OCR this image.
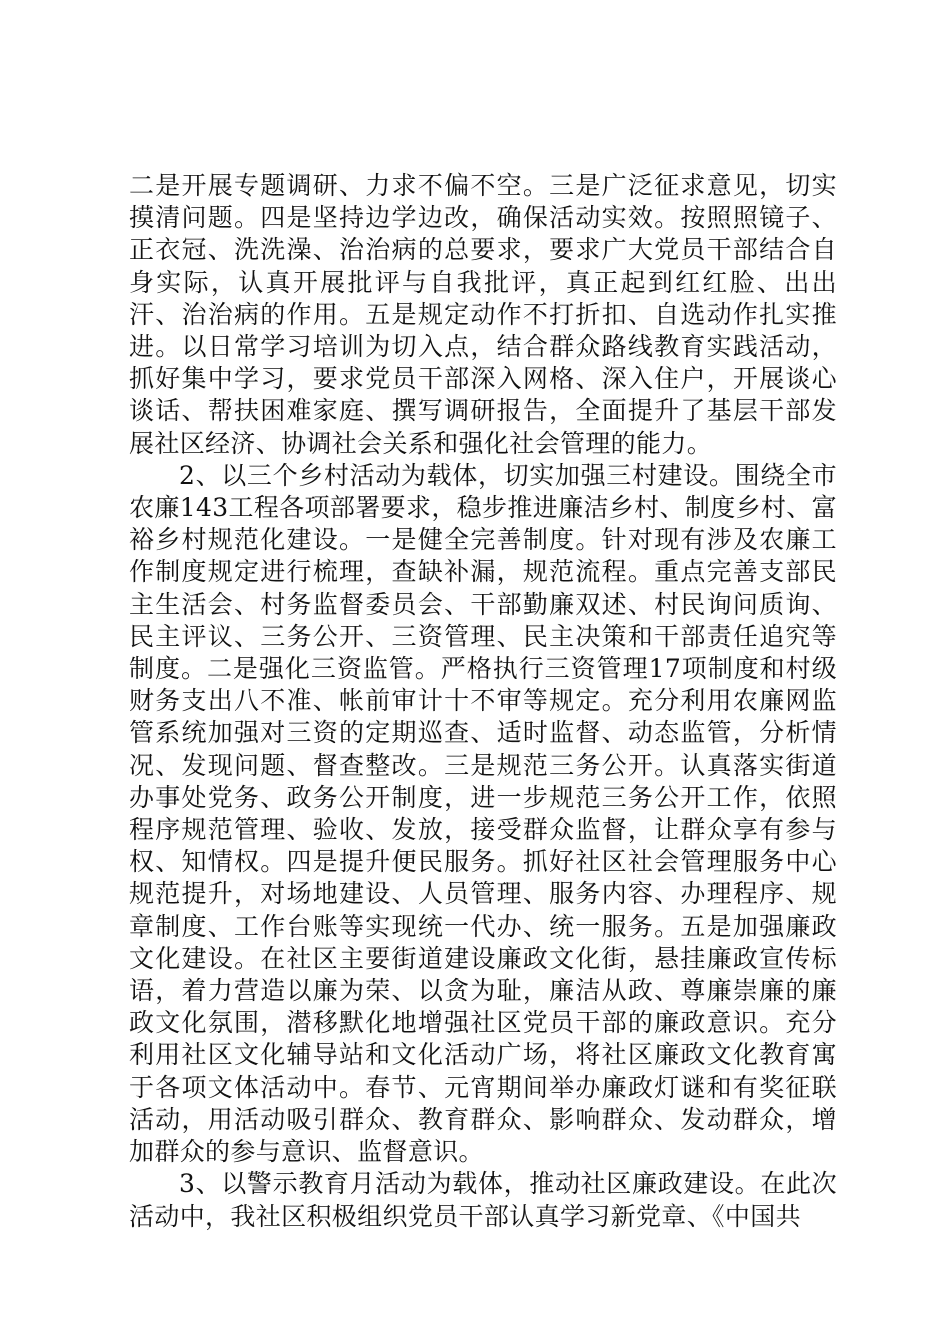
二是开展专题调研、力求不偏不空。三是广泛征求意见，切实摸清问题。四是坚持边学边改，确保活动实效。按照照镜子、正衣冠、洗洗澡、治治病的总要求，要求广大党员干部结合自身实际，认真开展批评与自我批评，真正起到红红脸、出出汗、治治病的作用。五是规定动作不打折扣、自选动作扎实推进。以日常学习培训为切入点，结合群众路线教育实践活动，抓好集中学习，要求党员干部深入网格、深入住户，开展谈心谈话、帮扶困难家庭、撰写调研报告，全面提升了基层干部发展社区经济、协调社会关系和强化社会管理的能力。

2、以三个乡村活动为载体，切实加强三村建设。围绕全市农廉143工程各项部署要求，稳步推进廉洁乡村、制度乡村、富裕乡村规范化建设。一是健全完善制度。针对现有涉及农廉工作制度规定进行梳理，查缺补漏，规范流程。重点完善支部民主生活会、村务监督委员会、干部勤廉双述、村民询问质询、民主评议、三务公开、三资管理、民主决策和干部责任追究等制度。二是强化三资监管。严格执行三资管理17项制度和村级财务支出八不准、帐前审计十不审等规定。充分利用农廉网监管系统加强对三资的定期巡查、适时监督、动态监管，分析情况、发现问题、督查整改。三是规范三务公开。认真落实街道办事处党务、政务公开制度，进一步规范三务公开工作，依照程序规范管理、验收、发放，接受群众监督，让群众享有参与权、知情权。四是提升便民服务。抓好社区社会管理服务中心规范提升，对场地建设、人员管理、服务内容、办理程序、规章制度、工作台账等实现统一代办、统一服务。五是加强廉政文化建设。在社区主要街道建设廉政文化街，悬挂廉政宣传标语，着力营造以廉为荣、以贪为耻，廉洁从政、尊廉崇廉的廉政文化氛围，潜移默化地增强社区党员干部的廉政意识。充分利用社区文化辅导站和文化活动广场，将社区廉政文化教育寓于各项文体活动中。春节、元宵期间举办廉政灯谜和有奖征联活动，用活动吸引群众、教育群众、影响群众、发动群众，增加群众的参与意识、监督意识。

3、以警示教育月活动为载体，推动社区廉政建设。在此次活动中，我社区积极组织党员干部认真学习新党章、《中国共
